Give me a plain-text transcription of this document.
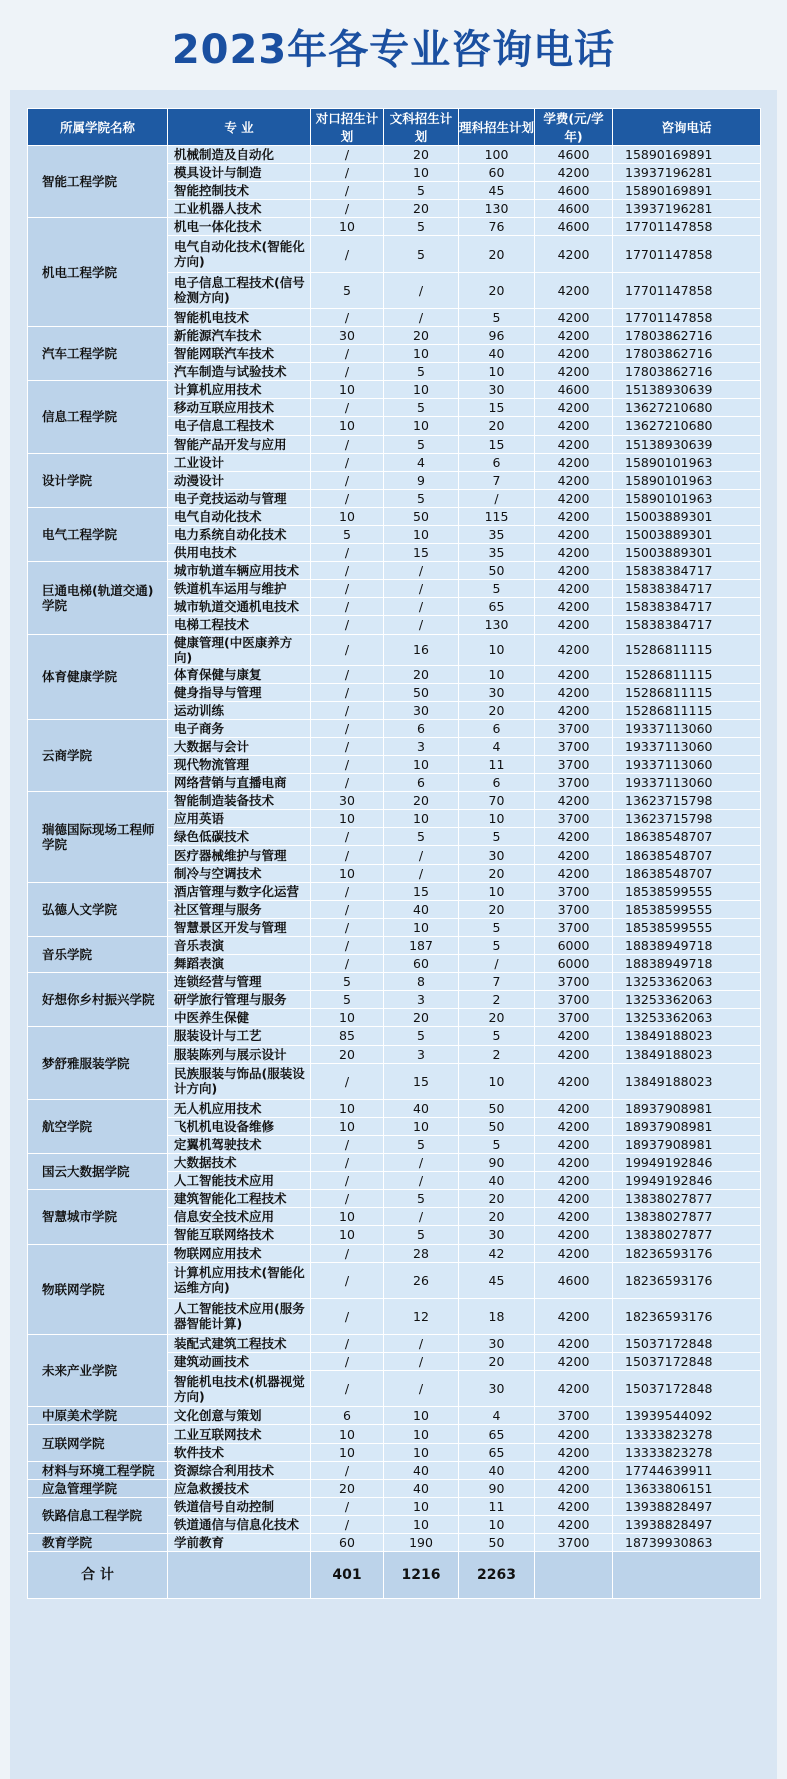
2023年各专业咨询电话
所属学院名称	专 业	对口招生计划	文科招生计划	理科招生计划	学费(元/学年)	咨询电话
智能工程学院	机械制造及自动化	/	20	100	4600	15890169891
	模具设计与制造	/	10	60	4200	13937196281
	智能控制技术	/	5	45	4600	15890169891
	工业机器人技术	/	20	130	4600	13937196281
机电工程学院	机电一体化技术	10	5	76	4600	17701147858
	电气自动化技术(智能化方向)	/	5	20	4200	17701147858
	电子信息工程技术(信号检测方向)	5	/	20	4200	17701147858
	智能机电技术	/	/	5	4200	17701147858
汽车工程学院	新能源汽车技术	30	20	96	4200	17803862716
	智能网联汽车技术	/	10	40	4200	17803862716
	汽车制造与试验技术	/	5	10	4200	17803862716
信息工程学院	计算机应用技术	10	10	30	4600	15138930639
	移动互联应用技术	/	5	15	4200	13627210680
	电子信息工程技术	10	10	20	4200	13627210680
	智能产品开发与应用	/	5	15	4200	15138930639
设计学院	工业设计	/	4	6	4200	15890101963
	动漫设计	/	9	7	4200	15890101963
	电子竞技运动与管理	/	5	/	4200	15890101963
电气工程学院	电气自动化技术	10	50	115	4200	15003889301
	电力系统自动化技术	5	10	35	4200	15003889301
	供用电技术	/	15	35	4200	15003889301
巨通电梯(轨道交通)学院	城市轨道车辆应用技术	/	/	50	4200	15838384717
	铁道机车运用与维护	/	/	5	4200	15838384717
	城市轨道交通机电技术	/	/	65	4200	15838384717
	电梯工程技术	/	/	130	4200	15838384717
体育健康学院	健康管理(中医康养方向)	/	16	10	4200	15286811115
	体育保健与康复	/	20	10	4200	15286811115
	健身指导与管理	/	50	30	4200	15286811115
	运动训练	/	30	20	4200	15286811115
云商学院	电子商务	/	6	6	3700	19337113060
	大数据与会计	/	3	4	3700	19337113060
	现代物流管理	/	10	11	3700	19337113060
	网络营销与直播电商	/	6	6	3700	19337113060
瑞德国际现场工程师学院	智能制造装备技术	30	20	70	4200	13623715798
	应用英语	10	10	10	3700	13623715798
	绿色低碳技术	/	5	5	4200	18638548707
	医疗器械维护与管理	/	/	30	4200	18638548707
	制冷与空调技术	10	/	20	4200	18638548707
弘德人文学院	酒店管理与数字化运营	/	15	10	3700	18538599555
	社区管理与服务	/	40	20	3700	18538599555
	智慧景区开发与管理	/	10	5	3700	18538599555
音乐学院	音乐表演	/	187	5	6000	18838949718
	舞蹈表演	/	60	/	6000	18838949718
好想你乡村振兴学院	连锁经营与管理	5	8	7	3700	13253362063
	研学旅行管理与服务	5	3	2	3700	13253362063
	中医养生保健	10	20	20	3700	13253362063
梦舒雅服装学院	服装设计与工艺	85	5	5	4200	13849188023
	服装陈列与展示设计	20	3	2	4200	13849188023
	民族服装与饰品(服装设计方向)	/	15	10	4200	13849188023
航空学院	无人机应用技术	10	40	50	4200	18937908981
	飞机机电设备维修	10	10	50	4200	18937908981
	定翼机驾驶技术	/	5	5	4200	18937908981
国云大数据学院	大数据技术	/	/	90	4200	19949192846
	人工智能技术应用	/	/	40	4200	19949192846
智慧城市学院	建筑智能化工程技术	/	5	20	4200	13838027877
	信息安全技术应用	10	/	20	4200	13838027877
	智能互联网络技术	10	5	30	4200	13838027877
物联网学院	物联网应用技术	/	28	42	4200	18236593176
	计算机应用技术(智能化运维方向)	/	26	45	4600	18236593176
	人工智能技术应用(服务器智能计算)	/	12	18	4200	18236593176
未来产业学院	装配式建筑工程技术	/	/	30	4200	15037172848
	建筑动画技术	/	/	20	4200	15037172848
	智能机电技术(机器视觉方向)	/	/	30	4200	15037172848
中原美术学院	文化创意与策划	6	10	4	3700	13939544092
互联网学院	工业互联网技术	10	10	65	4200	13333823278
	软件技术	10	10	65	4200	13333823278
材料与环境工程学院	资源综合利用技术	/	40	40	4200	17744639911
应急管理学院	应急救援技术	20	40	90	4200	13633806151
铁路信息工程学院	铁道信号自动控制	/	10	11	4200	13938828497
	铁道通信与信息化技术	/	10	10	4200	13938828497
教育学院	学前教育	60	190	50	3700	18739930863
合 计		401	1216	2263		
